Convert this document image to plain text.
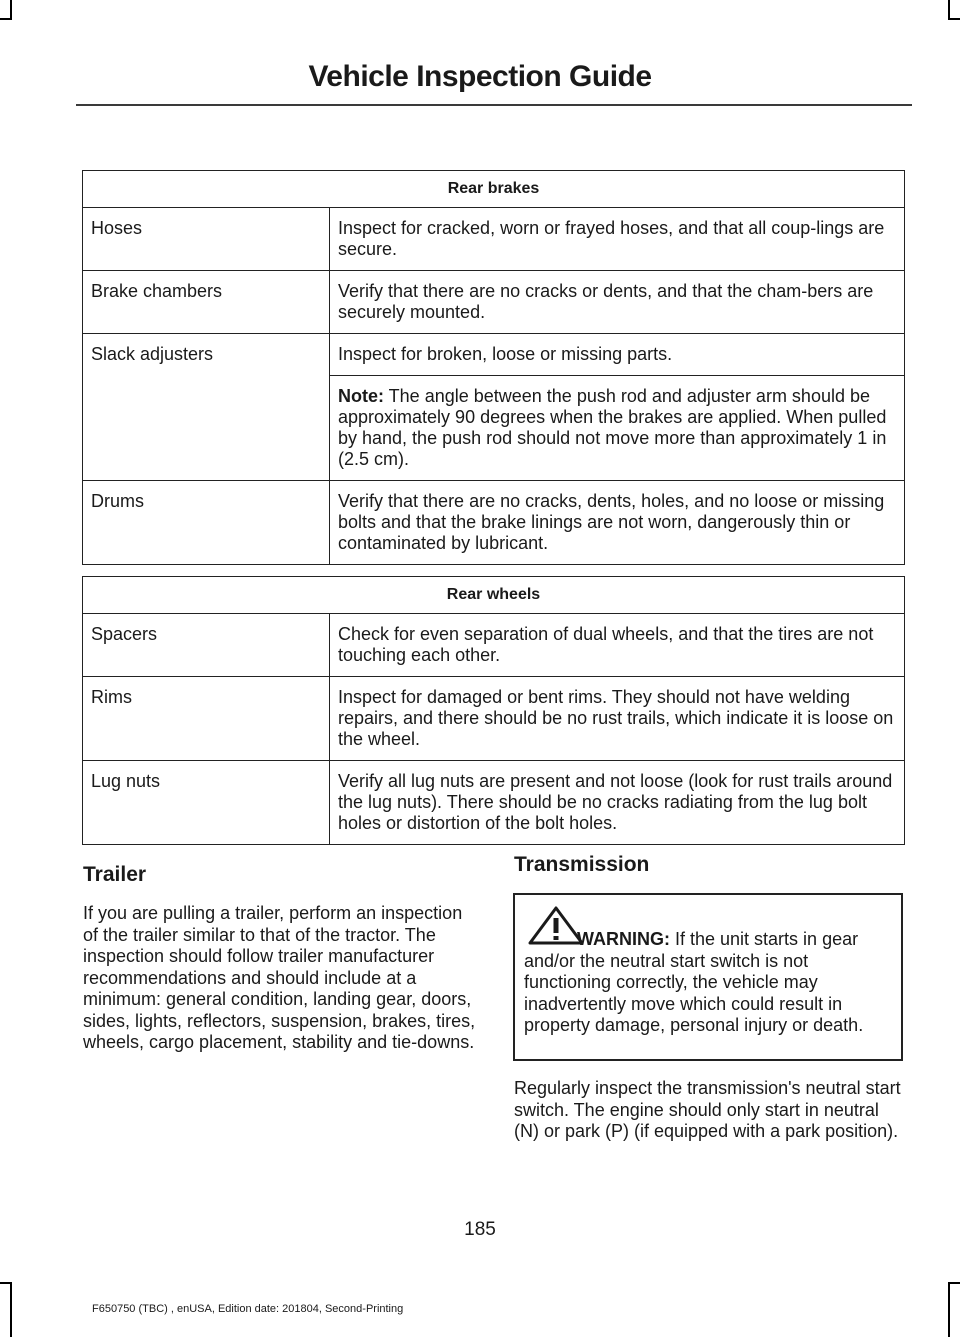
Vehicle Inspection Guide
Rear brakes	
Hoses	Inspect for cracked, worn or frayed hoses, and that all coup-lings are secure.
Brake chambers	Verify that there are no cracks or dents, and that the cham-bers are securely mounted.
Slack adjusters	Inspect for broken, loose or missing parts.
	Note: The angle between the push rod and adjuster arm should be approximately 90 degrees when the brakes are applied. When pulled by hand, the push rod should not move more than approximately 1 in (2.5 cm).
Drums	Verify that there are no cracks, dents, holes, and no loose or missing bolts and that the brake linings are not worn, dangerously thin or contaminated by lubricant.
Rear wheels	
Spacers	Check for even separation of dual wheels, and that the tires are not touching each other.
Rims	Inspect for damaged or bent rims. They should not have welding repairs, and there should be no rust trails, which indicate it is loose on the wheel.
Lug nuts	Verify all lug nuts are present and not loose (look for rust trails around the lug nuts). There should be no cracks radiating from the lug bolt holes or distortion of the bolt holes.
Trailer

If you are pulling a trailer, perform an inspection of the trailer similar to that of the tractor. The inspection should follow trailer manufacturer recommendations and should include at a minimum: general condition, landing gear, doors, sides, lights, reflectors, suspension, brakes, tires, wheels, cargo placement, stability and tie-downs.

Transmission

WARNING: If the unit starts in gear and/or the neutral start switch is not functioning correctly, the vehicle may inadvertently move which could result in property damage, personal injury or death.

Regularly inspect the transmission's neutral start switch. The engine should only start in neutral (N) or park (P) (if equipped with a park position).

185
F650750 (TBC) , enUSA, Edition date: 201804, Second-Printing
